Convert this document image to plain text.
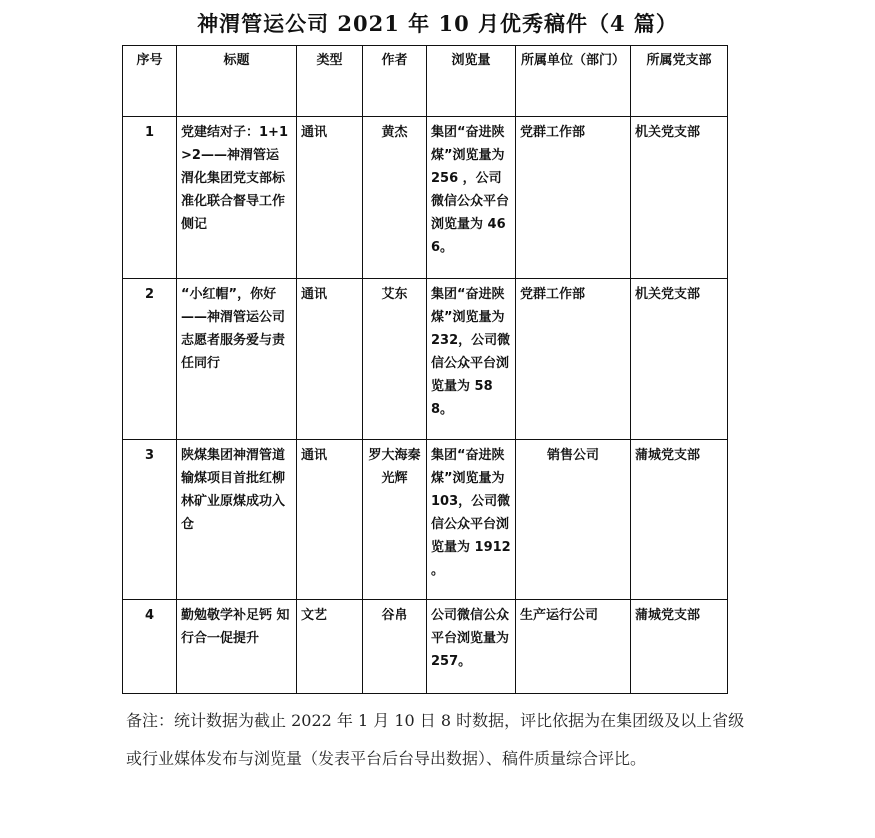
神渭管运公司 2021 年 10 月优秀稿件（4 篇）
序号	标题	类型	作者	浏览量	所属单位（部门）	所属党支部
1	党建结对子：1+1>2——神渭管运 渭化集团党支部标准化联合督导工作侧记	通讯	黄杰	集团“奋进陕煤”浏览量为 256 ，公司微信公众平台浏览量为 466。	党群工作部	机关党支部
2	“小红帽”，你好 ——神渭管运公司志愿者服务爱与责任同行	通讯	艾东	集团“奋进陕煤”浏览量为 232，公司微信公众平台浏览量为 588。	党群工作部	机关党支部
3	陕煤集团神渭管道输煤项目首批红柳林矿业原煤成功入仓	通讯	罗大海秦光辉	集团“奋进陕煤”浏览量为 103，公司微信公众平台浏览量为 1912 。	销售公司	蒲城党支部
4	勤勉敬学补足钙 知行合一促提升	文艺	谷帛	公司微信公众平台浏览量为 257。	生产运行公司	蒲城党支部
备注：统计数据为截止 2022 年 1 月 10 日 8 时数据，评比依据为在集团级及以上省级或行业媒体发布与浏览量（发表平台后台导出数据）、稿件质量综合评比。
